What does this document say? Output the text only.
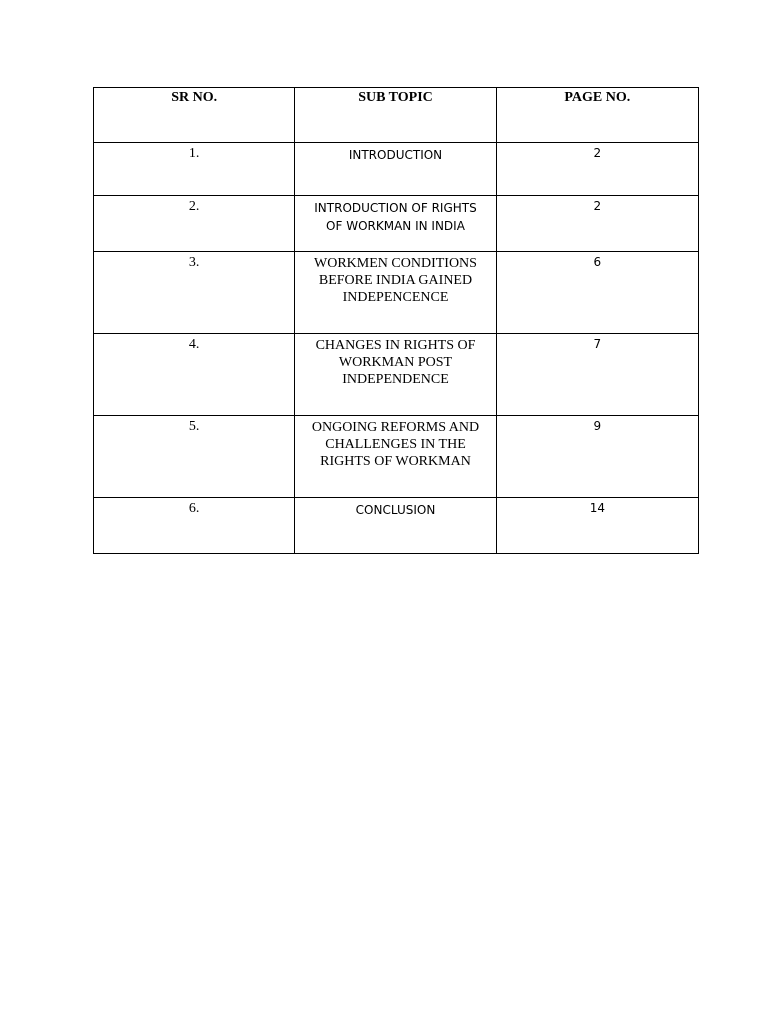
SR NO.	SUB TOPIC	PAGE NO.
1.	INTRODUCTION	2
2.	INTRODUCTION OF RIGHTS
OF WORKMAN IN INDIA	2
3.	WORKMEN CONDITIONS
BEFORE INDIA GAINED
INDEPENCENCE	6
4.	CHANGES IN RIGHTS OF
WORKMAN POST
INDEPENDENCE	7
5.	ONGOING REFORMS AND
CHALLENGES IN THE
RIGHTS OF WORKMAN	9
6.	CONCLUSION	14
